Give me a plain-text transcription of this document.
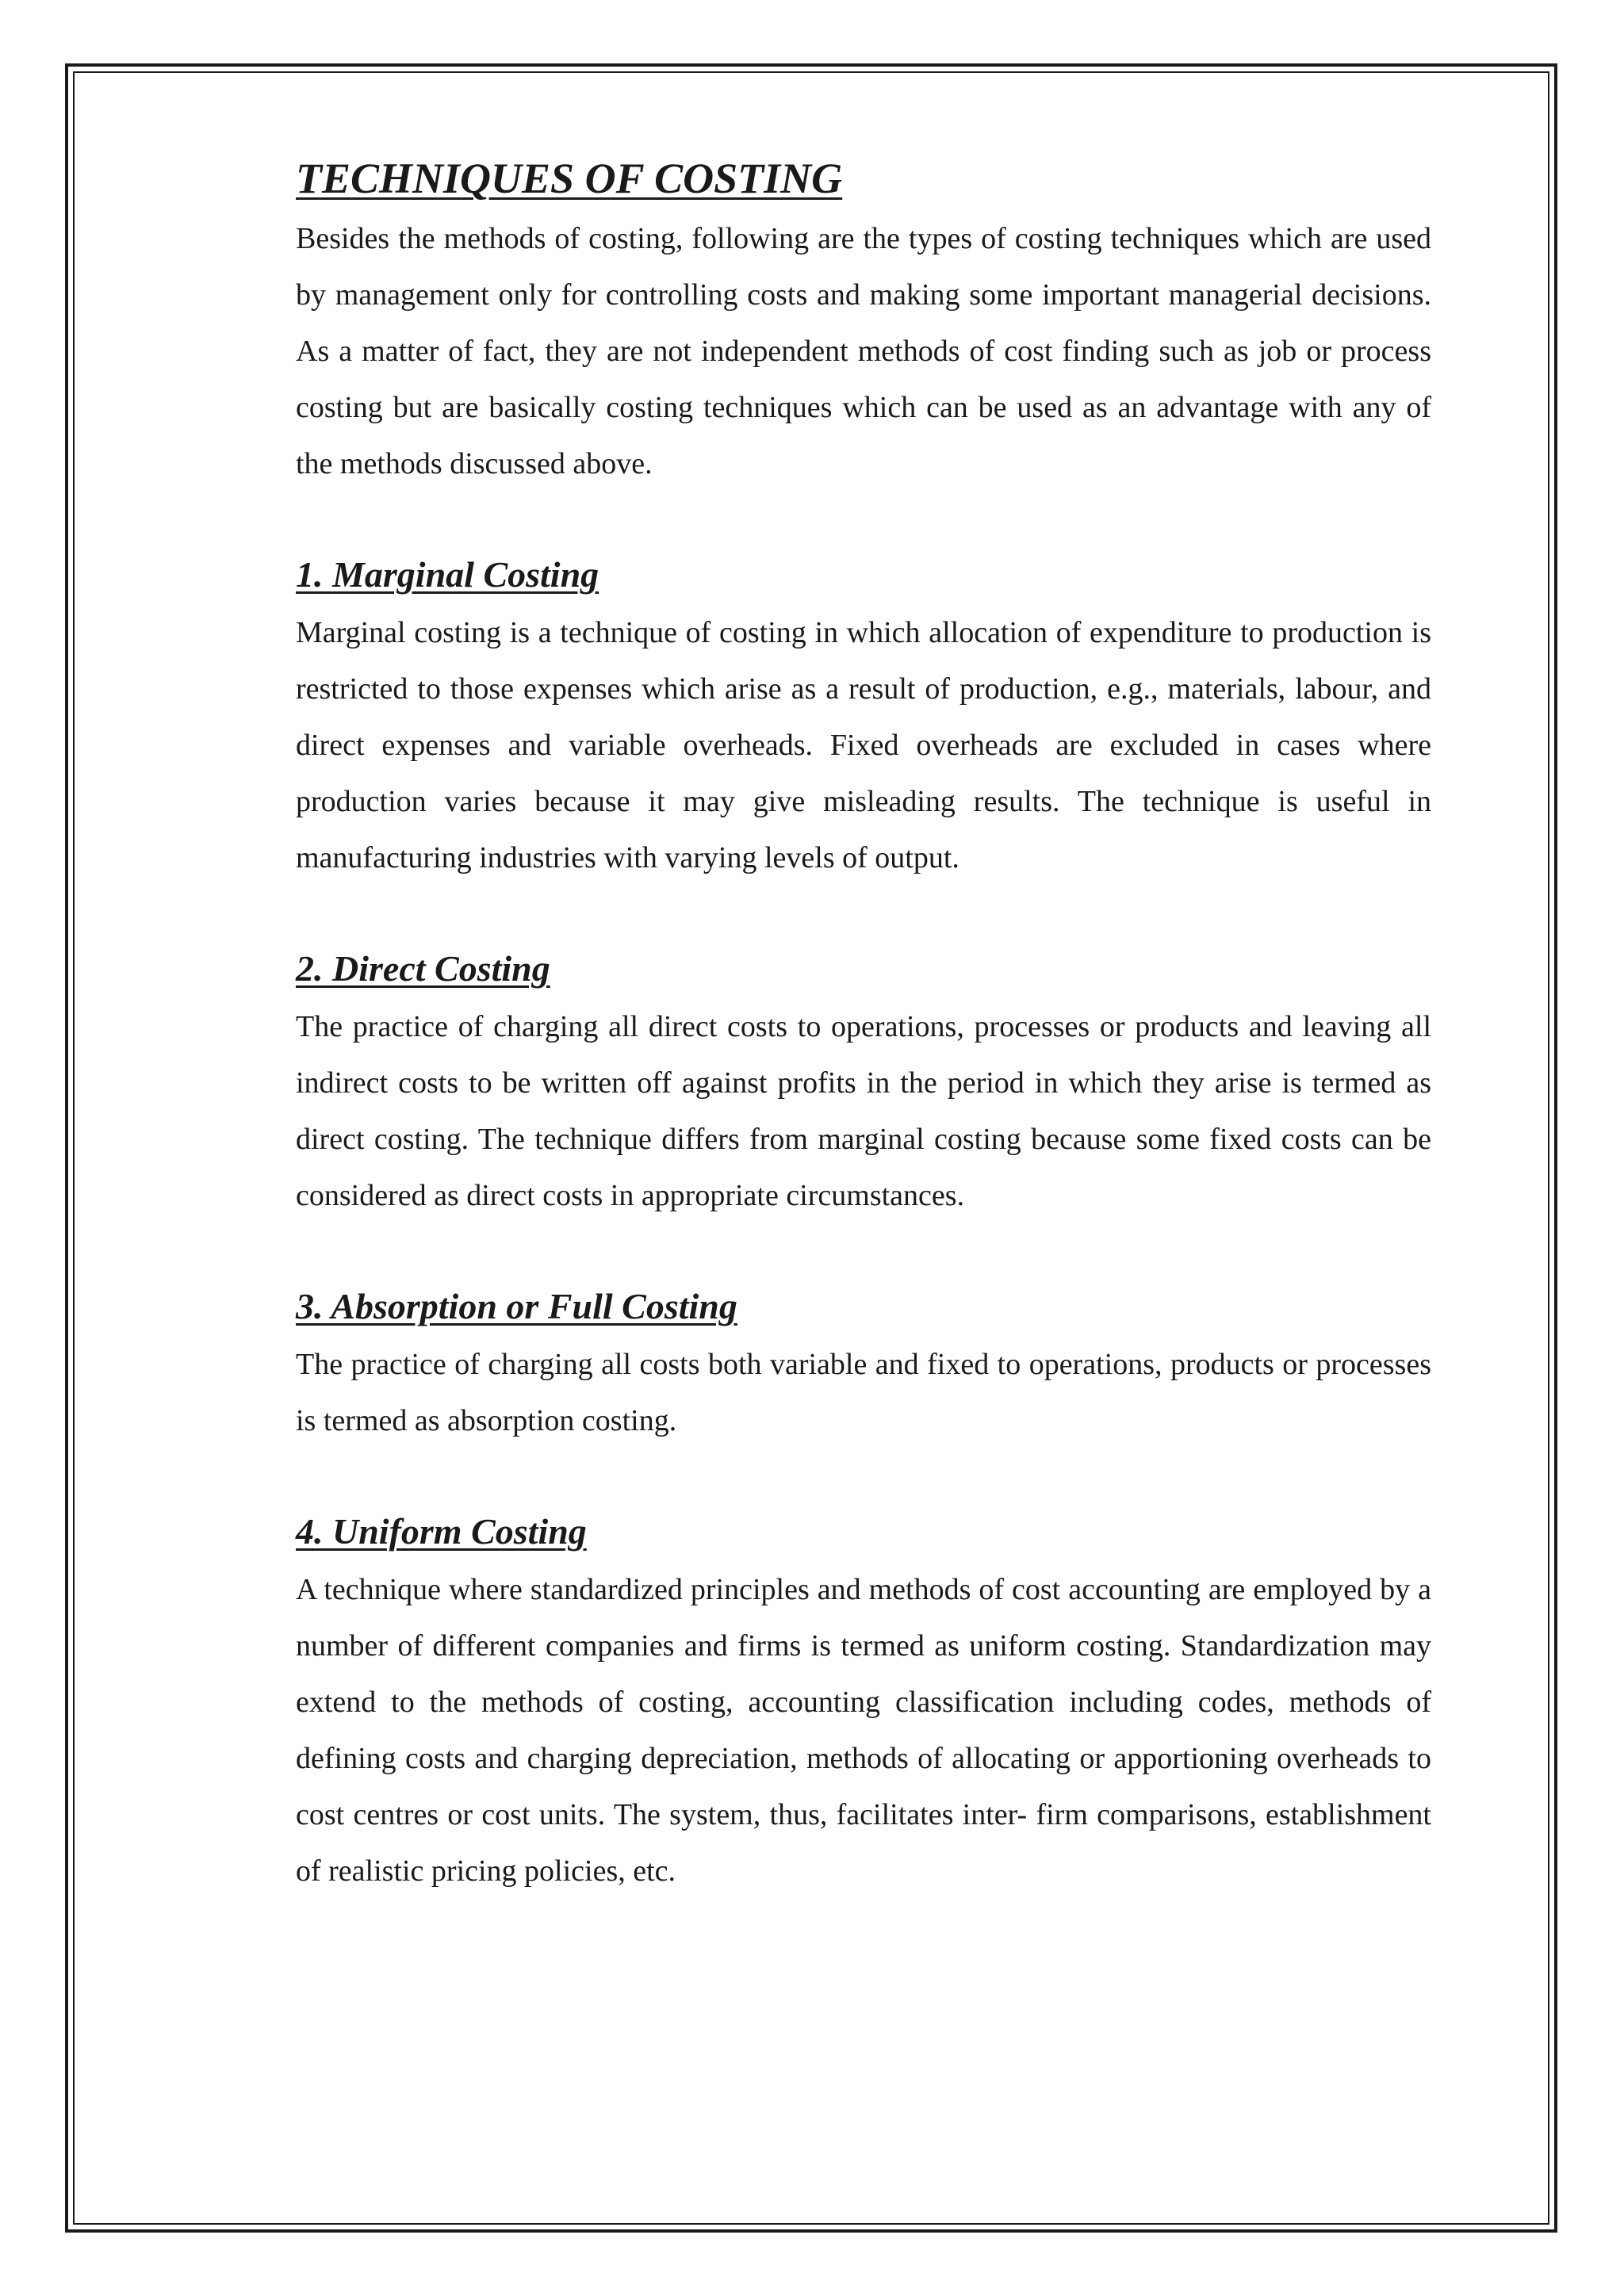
TECHNIQUES OF COSTING

Besides the methods of costing, following are the types of costing techniques which are used by management only for controlling costs and making some important managerial decisions. As a matter of fact, they are not independent methods of cost finding such as job or process costing but are basically costing techniques which can be used as an advantage with any of the methods discussed above.

1. Marginal Costing

Marginal costing is a technique of costing in which allocation of expenditure to production is restricted to those expenses which arise as a result of production, e.g., materials, labour, and direct expenses and variable overheads. Fixed overheads are excluded in cases where production varies because it may give misleading results. The technique is useful in manufacturing industries with varying levels of output.

2. Direct Costing

The practice of charging all direct costs to operations, processes or products and leaving all indirect costs to be written off against profits in the period in which they arise is termed as direct costing. The technique differs from marginal costing because some fixed costs can be considered as direct costs in appropriate circumstances.

3. Absorption or Full Costing

The practice of charging all costs both variable and fixed to operations, products or processes is termed as absorption costing.

4. Uniform Costing

A technique where standardized principles and methods of cost accounting are employed by a number of different companies and firms is termed as uniform costing. Standardization may extend to the methods of costing, accounting classification including codes, methods of defining costs and charging depreciation, methods of allocating or apportioning overheads to cost centres or cost units. The system, thus, facilitates inter- firm comparisons, establishment of realistic pricing policies, etc.
